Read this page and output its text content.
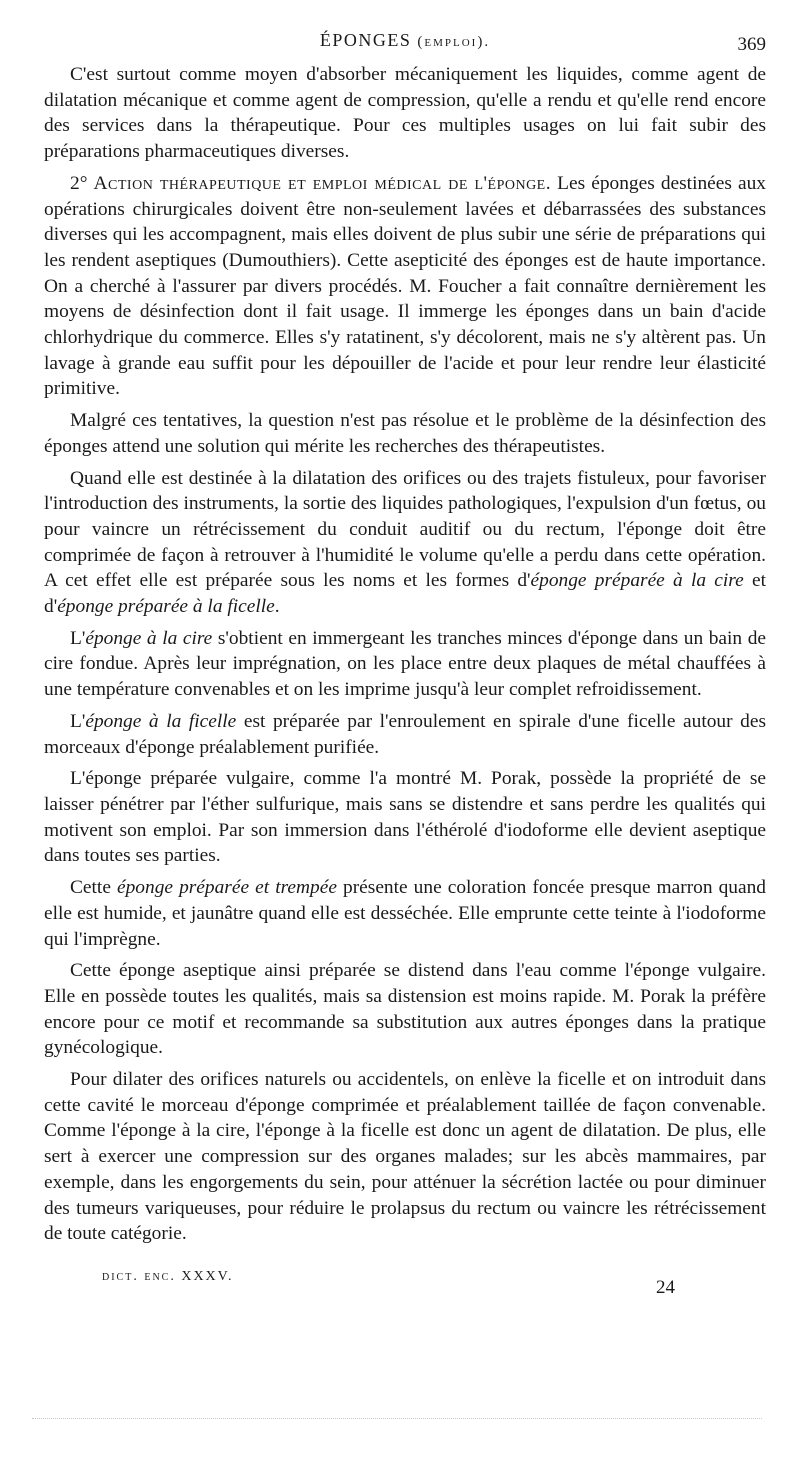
ÉPONGES (emploi).	369

C'est surtout comme moyen d'absorber mécaniquement les liquides, comme agent de dilatation mécanique et comme agent de compression, qu'elle a rendu et qu'elle rend encore des services dans la thérapeutique. Pour ces multiples usages on lui fait subir des préparations pharmaceutiques diverses.

2° Action thérapeutique et emploi médical de l'éponge. Les éponges destinées aux opérations chirurgicales doivent être non-seulement lavées et débarrassées des substances diverses qui les accompagnent, mais elles doivent de plus subir une série de préparations qui les rendent aseptiques (Dumouthiers). Cette asepticité des éponges est de haute importance. On a cherché à l'assurer par divers procédés. M. Foucher a fait connaître dernièrement les moyens de désinfection dont il fait usage. Il immerge les éponges dans un bain d'acide chlorhydrique du commerce. Elles s'y ratatinent, s'y décolorent, mais ne s'y altèrent pas. Un lavage à grande eau suffit pour les dépouiller de l'acide et pour leur rendre leur élasticité primitive.

Malgré ces tentatives, la question n'est pas résolue et le problème de la désinfection des éponges attend une solution qui mérite les recherches des thérapeutistes.

Quand elle est destinée à la dilatation des orifices ou des trajets fistuleux, pour favoriser l'introduction des instruments, la sortie des liquides pathologiques, l'expulsion d'un fœtus, ou pour vaincre un rétrécissement du conduit auditif ou du rectum, l'éponge doit être comprimée de façon à retrouver à l'humidité le volume qu'elle a perdu dans cette opération. A cet effet elle est préparée sous les noms et les formes d'éponge préparée à la cire et d'éponge préparée à la ficelle.

L'éponge à la cire s'obtient en immergeant les tranches minces d'éponge dans un bain de cire fondue. Après leur imprégnation, on les place entre deux plaques de métal chauffées à une température convenables et on les imprime jusqu'à leur complet refroidissement.

L'éponge à la ficelle est préparée par l'enroulement en spirale d'une ficelle autour des morceaux d'éponge préalablement purifiée.

L'éponge préparée vulgaire, comme l'a montré M. Porak, possède la propriété de se laisser pénétrer par l'éther sulfurique, mais sans se distendre et sans perdre les qualités qui motivent son emploi. Par son immersion dans l'éthérolé d'iodoforme elle devient aseptique dans toutes ses parties.

Cette éponge préparée et trempée présente une coloration foncée presque marron quand elle est humide, et jaunâtre quand elle est desséchée. Elle emprunte cette teinte à l'iodoforme qui l'imprègne.

Cette éponge aseptique ainsi préparée se distend dans l'eau comme l'éponge vulgaire. Elle en possède toutes les qualités, mais sa distension est moins rapide. M. Porak la préfère encore pour ce motif et recommande sa substitution aux autres éponges dans la pratique gynécologique.

Pour dilater des orifices naturels ou accidentels, on enlève la ficelle et on introduit dans cette cavité le morceau d'éponge comprimée et préalablement taillée de façon convenable. Comme l'éponge à la cire, l'éponge à la ficelle est donc un agent de dilatation. De plus, elle sert à exercer une compression sur des organes malades; sur les abcès mammaires, par exemple, dans les engorgements du sein, pour atténuer la sécrétion lactée ou pour diminuer des tumeurs variqueuses, pour réduire le prolapsus du rectum ou vaincre les rétrécissement de toute catégorie.

dict. enc. XXXV.
24
